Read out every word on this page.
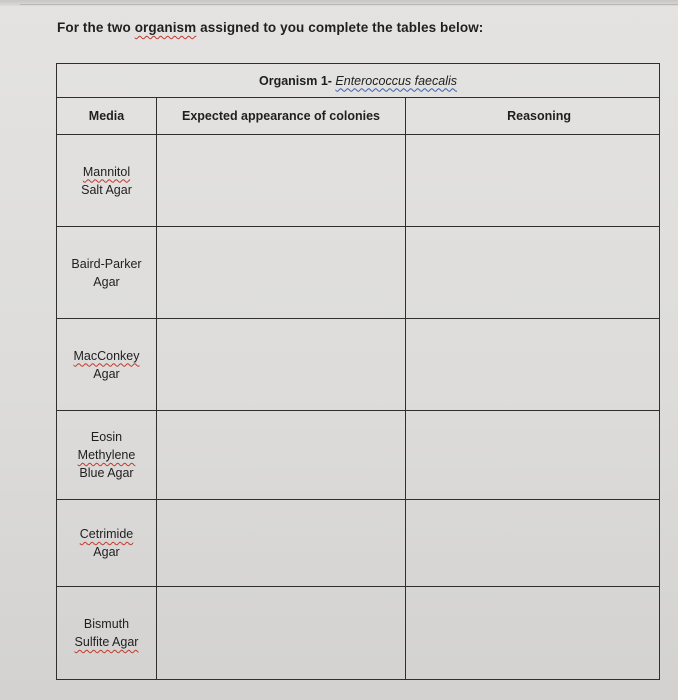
For the two organism assigned to you complete the tables below:
Organism 1- Enterococcus faecalis		
Media	Expected appearance of colonies	Reasoning

Mannitol
Salt Agar		

Baird-Parker
Agar		

MacConkey
Agar		

Eosin
Methylene
Blue Agar		

Cetrimide
Agar		

Bismuth
Sulfite Agar		
